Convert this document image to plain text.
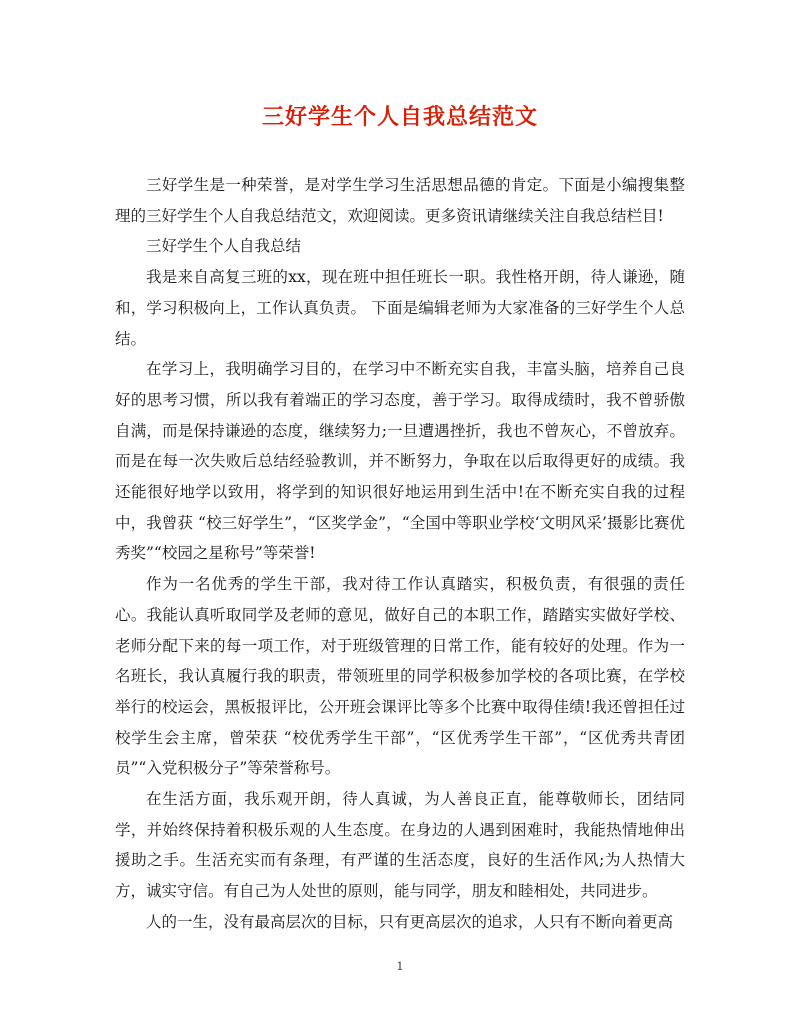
三好学生个人自我总结范文

三好学生是一种荣誉，是对学生学习生活思想品德的肯定。下面是小编搜集整理的三好学生个人自我总结范文，欢迎阅读。更多资讯请继续关注自我总结栏目!

三好学生个人自我总结

我是来自高复三班的xx，现在班中担任班长一职。我性格开朗，待人谦逊，随和，学习积极向上，工作认真负责。 下面是编辑老师为大家准备的三好学生个人总结。

在学习上，我明确学习目的，在学习中不断充实自我，丰富头脑，培养自己良好的思考习惯，所以我有着端正的学习态度，善于学习。取得成绩时，我不曾骄傲自满，而是保持谦逊的态度，继续努力;一旦遭遇挫折，我也不曾灰心，不曾放弃。而是在每一次失败后总结经验教训，并不断努力，争取在以后取得更好的成绩。我还能很好地学以致用，将学到的知识很好地运用到生活中!在不断充实自我的过程中，我曾获 “校三好学生”，“区奖学金”，“全国中等职业学校‘文明风采’摄影比赛优秀奖”“校园之星称号”等荣誉!

作为一名优秀的学生干部，我对待工作认真踏实，积极负责，有很强的责任心。我能认真听取同学及老师的意见，做好自己的本职工作，踏踏实实做好学校、老师分配下来的每一项工作，对于班级管理的日常工作，能有较好的处理。作为一名班长，我认真履行我的职责，带领班里的同学积极参加学校的各项比赛，在学校举行的校运会，黑板报评比，公开班会课评比等多个比赛中取得佳绩!我还曾担任过校学生会主席，曾荣获 “校优秀学生干部”，“区优秀学生干部”，“区优秀共青团员”“入党积极分子”等荣誉称号。

在生活方面，我乐观开朗，待人真诚，为人善良正直，能尊敬师长，团结同学，并始终保持着积极乐观的人生态度。在身边的人遇到困难时，我能热情地伸出援助之手。生活充实而有条理，有严谨的生活态度，良好的生活作风;为人热情大方，诚实守信。有自己为人处世的原则，能与同学，朋友和睦相处，共同进步。

人的一生，没有最高层次的目标，只有更高层次的追求，人只有不断向着更高

1
